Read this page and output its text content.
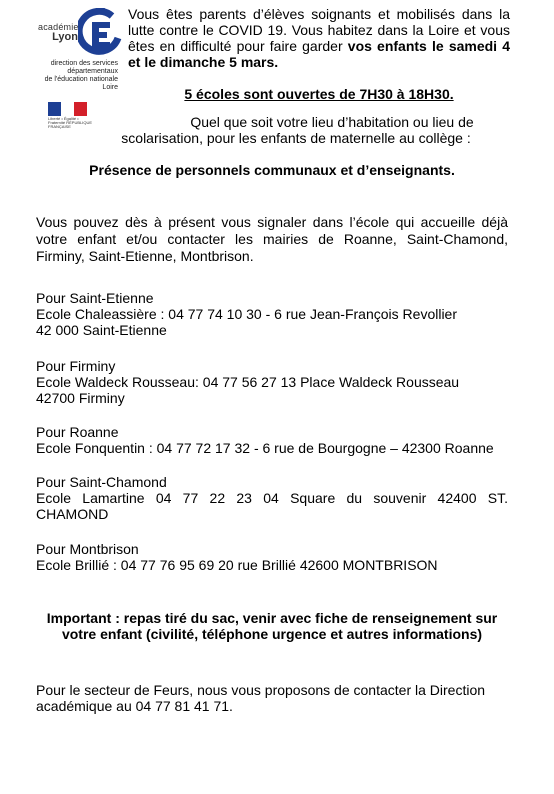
académie
Lyon
direction des services
départementaux
de l'éducation nationale
Loire
Liberté • Égalité • Fraternité RÉPUBLIQUE FRANÇAISE
Vous êtes parents d’élèves soignants et mobilisés dans la lutte contre le COVID 19. Vous habitez dans la Loire et vous êtes en difficulté pour faire garder vos enfants le samedi 4 et le dimanche 5 mars.
5 écoles sont ouvertes de 7H30 à 18H30.
Quel que soit votre lieu d’habitation ou lieu de
scolarisation, pour les enfants de maternelle au collège :
Présence de personnels communaux et d’enseignants.
Vous pouvez dès à présent vous signaler dans l’école qui accueille déjà votre enfant et/ou contacter les mairies de Roanne, Saint-Chamond, Firminy, Saint-Etienne, Montbrison.
Pour Saint-Etienne
Ecole Chaleassière : 04 77 74 10 30 - 6 rue Jean-François Revollier
42 000 Saint-Etienne
Pour Firminy
Ecole Waldeck Rousseau: 04 77 56 27 13 Place Waldeck Rousseau
42700 Firminy
Pour Roanne
Ecole Fonquentin : 04 77 72 17 32 - 6 rue de Bourgogne – 42300 Roanne
Pour Saint-Chamond
Ecole Lamartine 04 77 22 23 04 Square du souvenir 42400 ST.
CHAMOND
Pour Montbrison
Ecole Brillié : 04 77 76 95 69 20 rue Brillié 42600 MONTBRISON
Important : repas tiré du sac, venir avec fiche de renseignement sur
votre enfant (civilité, téléphone urgence et autres informations)
Pour le secteur de Feurs, nous vous proposons de contacter la Direction
académique au 04 77 81 41 71.
